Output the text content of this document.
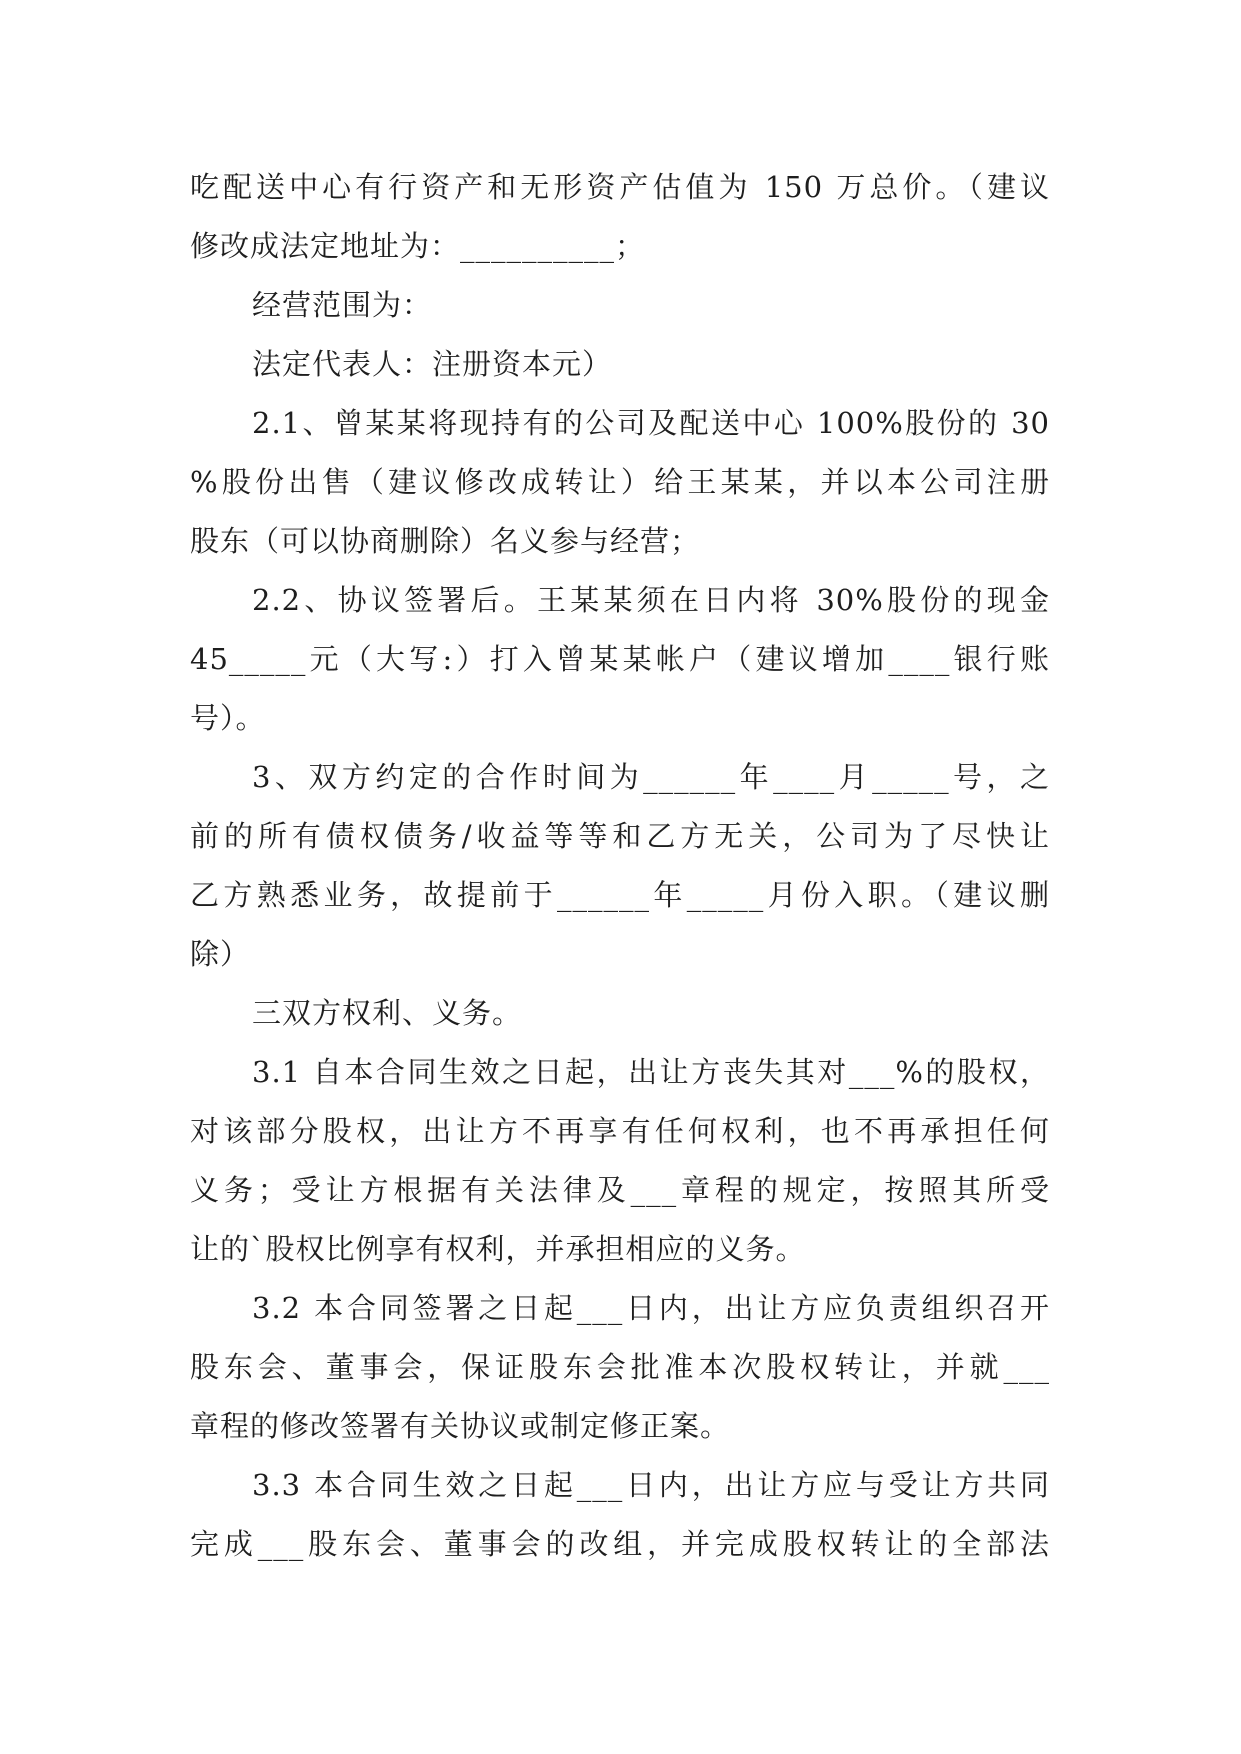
吃配送中心有行资产和无形资产估值为 150 万总价。（建议
修改成法定地址为：__________；
经营范围为：
法定代表人：注册资本元）
2.1、曾某某将现持有的公司及配送中心 100%股份的 30
%股份出售（建议修改成转让）给王某某，并以本公司注册
股东（可以协商删除）名义参与经营；
2.2、协议签署后。王某某须在日内将 30%股份的现金
45_____元（大写:）打入曾某某帐户（建议增加____银行账
号）。
3、双方约定的合作时间为______年____月_____号，之
前的所有债权债务/收益等等和乙方无关，公司为了尽快让
乙方熟悉业务，故提前于______年_____月份入职。（建议删
除）
三双方权利、义务。
3.1 自本合同生效之日起，出让方丧失其对___%的股权，
对该部分股权，出让方不再享有任何权利，也不再承担任何
义务；受让方根据有关法律及___章程的规定，按照其所受
让的`股权比例享有权利，并承担相应的义务。
3.2 本合同签署之日起___日内，出让方应负责组织召开
股东会、董事会，保证股东会批准本次股权转让，并就___
章程的修改签署有关协议或制定修正案。
3.3 本合同生效之日起___日内，出让方应与受让方共同
完成___股东会、董事会的改组，并完成股权转让的全部法
